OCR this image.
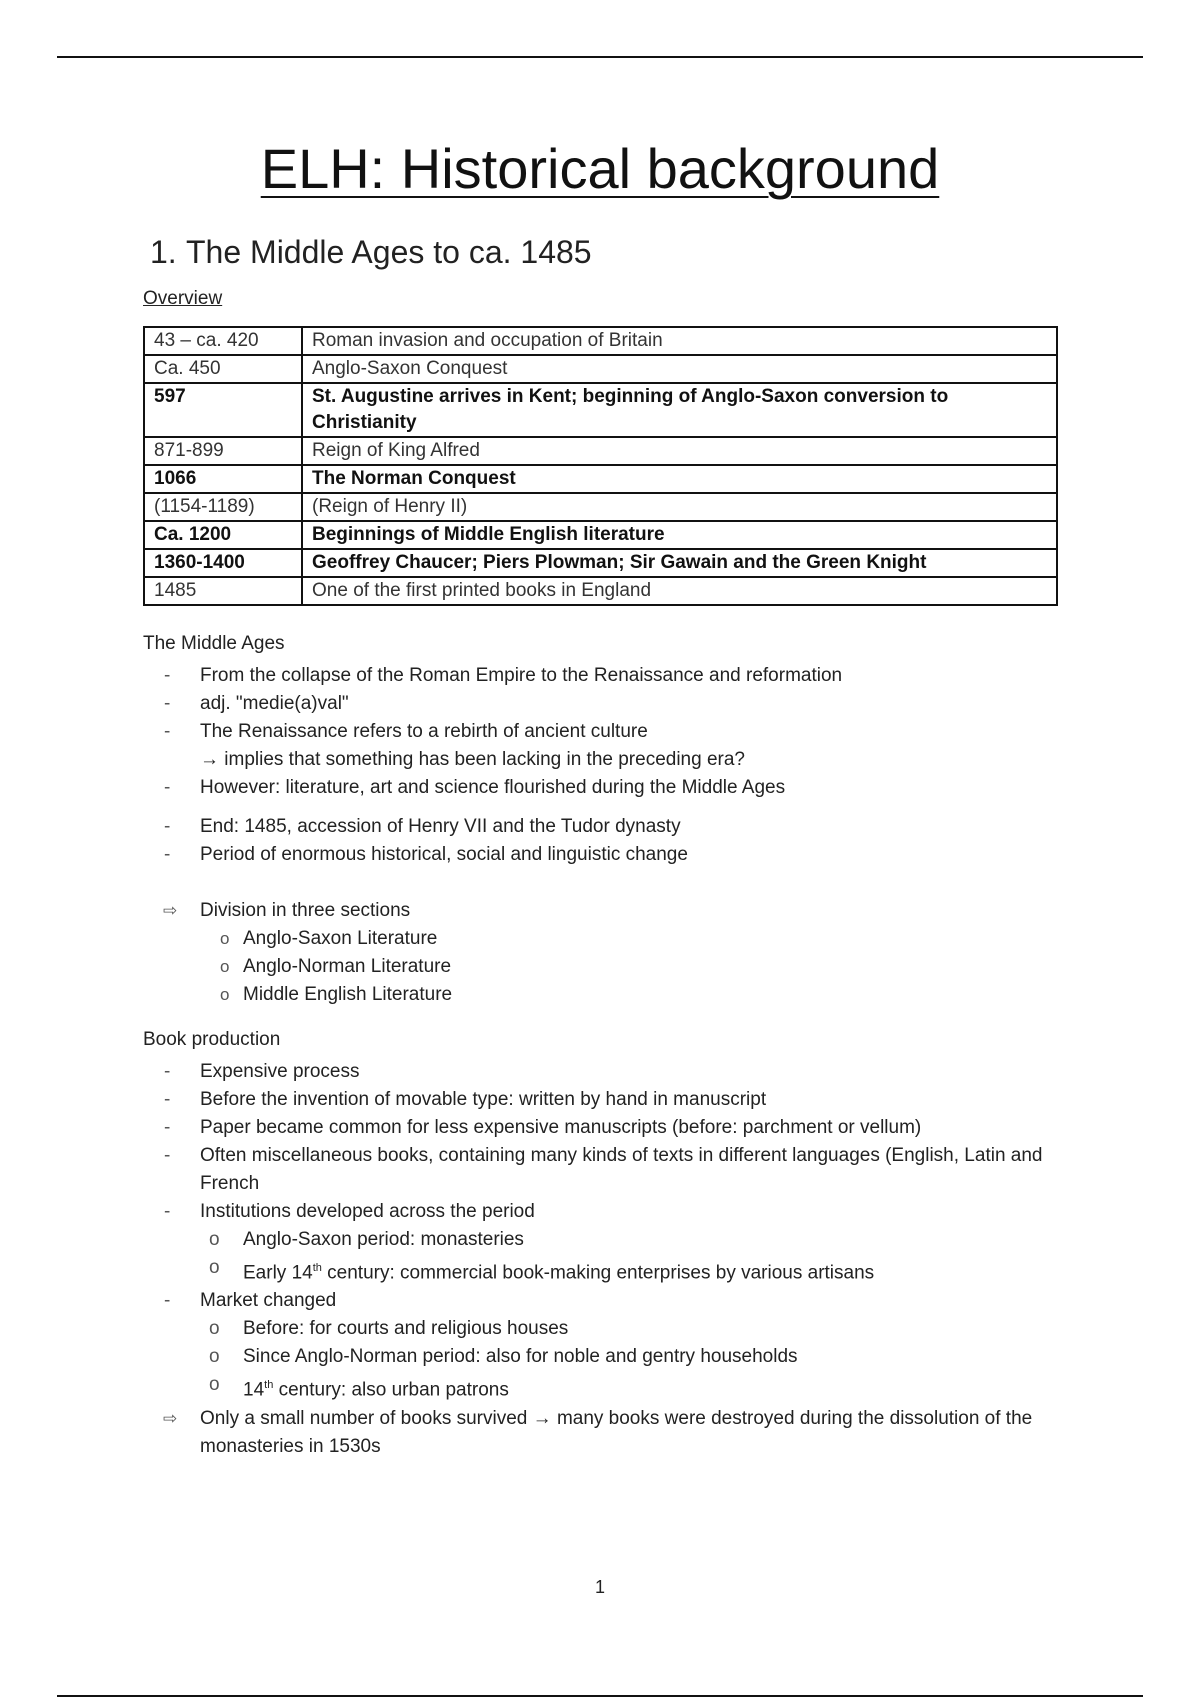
ELH: Historical background
1. The Middle Ages to ca. 1485

Overview

43 – ca. 420	Roman invasion and occupation of Britain
Ca. 450	Anglo-Saxon Conquest
597	St. Augustine arrives in Kent; beginning of Anglo-Saxon conversion to Christianity
871-899	Reign of King Alfred
1066	The Norman Conquest
(1154-1189)	(Reign of Henry II)
Ca. 1200	Beginnings of Middle English literature
1360-1400	Geoffrey Chaucer; Piers Plowman; Sir Gawain and the Green Knight
1485	One of the first printed books in England

The Middle Ages

-	From the collapse of the Roman Empire to the Renaissance and reformation
-	adj. "medie(a)val"
-	The Renaissance refers to a rebirth of ancient culture
→ implies that something has been lacking in the preceding era?
-	However: literature, art and science flourished during the Middle Ages
-	End: 1485, accession of Henry VII and the Tudor dynasty
-	Period of enormous historical, social and linguistic change
⇨	Division in three sections
o Anglo-Saxon Literature
o Anglo-Norman Literature
o Middle English Literature

Book production

-	Expensive process
-	Before the invention of movable type: written by hand in manuscript
-	Paper became common for less expensive manuscripts (before: parchment or vellum)
-	Often miscellaneous books, containing many kinds of texts in different languages (English, Latin and French
-	Institutions developed across the period
o	Anglo-Saxon period: monasteries
o	Early 14th century: commercial book-making enterprises by various artisans
-	Market changed
o	Before: for courts and religious houses
o	Since Anglo-Norman period: also for noble and gentry households
o	14th century: also urban patrons
⇨	Only a small number of books survived → many books were destroyed during the dissolution of the monasteries in 1530s
1
